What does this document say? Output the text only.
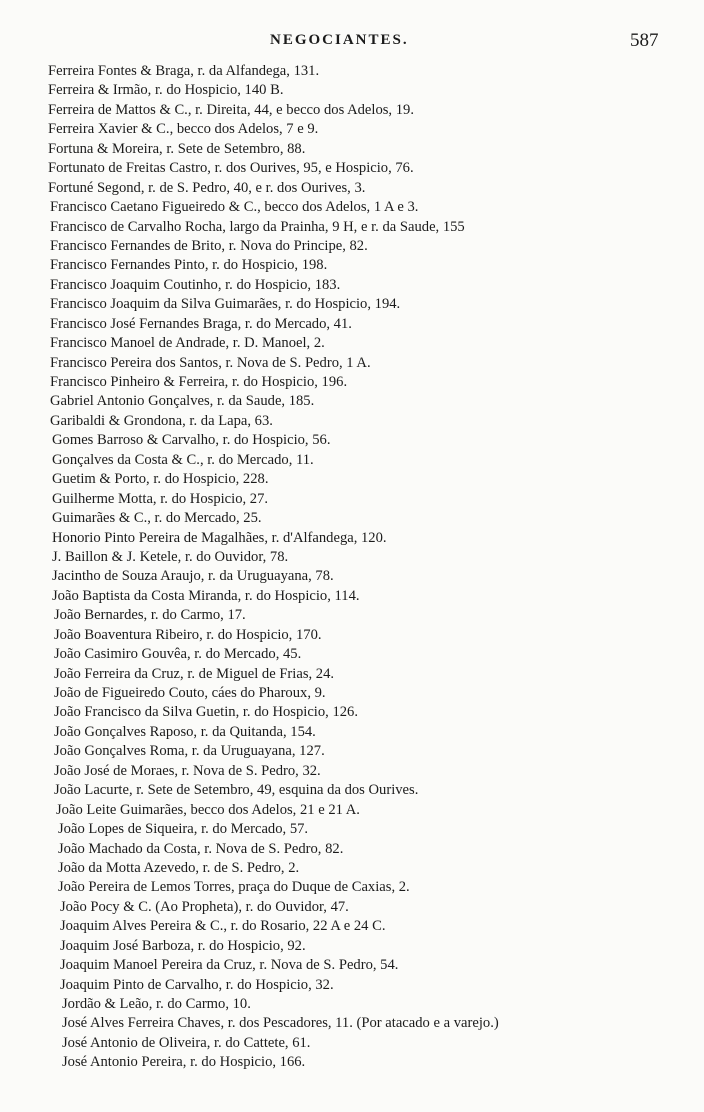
NEGOCIANTES.	587
Ferreira Fontes & Braga, r. da Alfandega, 131.
Ferreira & Irmão, r. do Hospicio, 140 B.
Ferreira de Mattos & C., r. Direita, 44, e becco dos Adelos, 19.
Ferreira Xavier & C., becco dos Adelos, 7 e 9.
Fortuna & Moreira, r. Sete de Setembro, 88.
Fortunato de Freitas Castro, r. dos Ourives, 95, e Hospicio, 76.
Fortuné Segond, r. de S. Pedro, 40, e r. dos Ourives, 3.
Francisco Caetano Figueiredo & C., becco dos Adelos, 1 A e 3.
Francisco de Carvalho Rocha, largo da Prainha, 9 H, e r. da Saude, 155
Francisco Fernandes de Brito, r. Nova do Principe, 82.
Francisco Fernandes Pinto, r. do Hospicio, 198.
Francisco Joaquim Coutinho, r. do Hospicio, 183.
Francisco Joaquim da Silva Guimarães, r. do Hospicio, 194.
Francisco José Fernandes Braga, r. do Mercado, 41.
Francisco Manoel de Andrade, r. D. Manoel, 2.
Francisco Pereira dos Santos, r. Nova de S. Pedro, 1 A.
Francisco Pinheiro & Ferreira, r. do Hospicio, 196.
Gabriel Antonio Gonçalves, r. da Saude, 185.
Garibaldi & Grondona, r. da Lapa, 63.
Gomes Barroso & Carvalho, r. do Hospicio, 56.
Gonçalves da Costa & C., r. do Mercado, 11.
Guetim & Porto, r. do Hospicio, 228.
Guilherme Motta, r. do Hospicio, 27.
Guimarães & C., r. do Mercado, 25.
Honorio Pinto Pereira de Magalhães, r. d'Alfandega, 120.
J. Baillon & J. Ketele, r. do Ouvidor, 78.
Jacintho de Souza Araujo, r. da Uruguayana, 78.
João Baptista da Costa Miranda, r. do Hospicio, 114.
João Bernardes, r. do Carmo, 17.
João Boaventura Ribeiro, r. do Hospicio, 170.
João Casimiro Gouvêa, r. do Mercado, 45.
João Ferreira da Cruz, r. de Miguel de Frias, 24.
João de Figueiredo Couto, cáes do Pharoux, 9.
João Francisco da Silva Guetin, r. do Hospicio, 126.
João Gonçalves Raposo, r. da Quitanda, 154.
João Gonçalves Roma, r. da Uruguayana, 127.
João José de Moraes, r. Nova de S. Pedro, 32.
João Lacurte, r. Sete de Setembro, 49, esquina da dos Ourives.
João Leite Guimarães, becco dos Adelos, 21 e 21 A.
João Lopes de Siqueira, r. do Mercado, 57.
João Machado da Costa, r. Nova de S. Pedro, 82.
João da Motta Azevedo, r. de S. Pedro, 2.
João Pereira de Lemos Torres, praça do Duque de Caxias, 2.
João Pocy & C. (Ao Propheta), r. do Ouvidor, 47.
Joaquim Alves Pereira & C., r. do Rosario, 22 A e 24 C.
Joaquim José Barboza, r. do Hospicio, 92.
Joaquim Manoel Pereira da Cruz, r. Nova de S. Pedro, 54.
Joaquim Pinto de Carvalho, r. do Hospicio, 32.
Jordão & Leão, r. do Carmo, 10.
José Alves Ferreira Chaves, r. dos Pescadores, 11. (Por atacado e a varejo.)
José Antonio de Oliveira, r. do Cattete, 61.
José Antonio Pereira, r. do Hospicio, 166.
